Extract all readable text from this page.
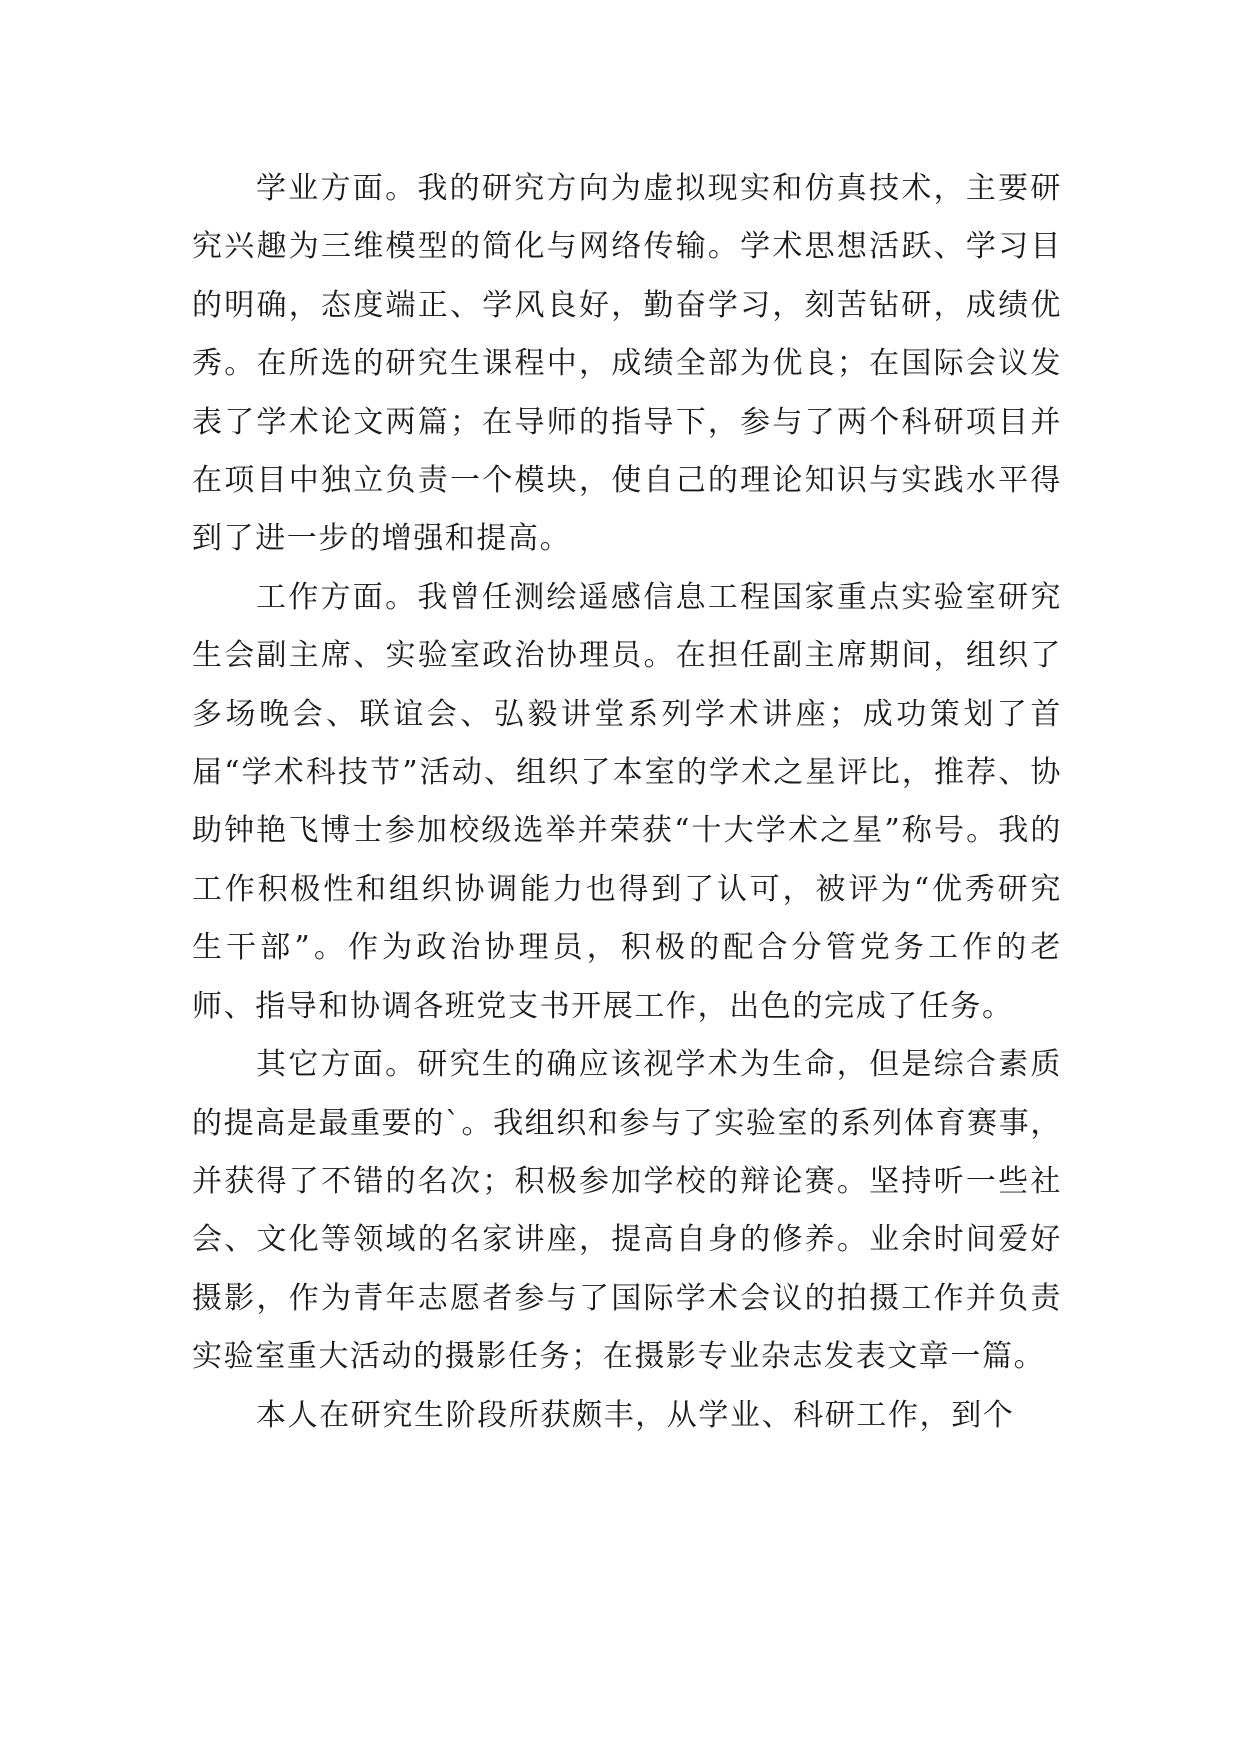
学业方面。我的研究方向为虚拟现实和仿真技术，主要研究兴趣为三维模型的简化与网络传输。学术思想活跃、学习目的明确，态度端正、学风良好，勤奋学习，刻苦钻研，成绩优秀。在所选的研究生课程中，成绩全部为优良；在国际会议发表了学术论文两篇；在导师的指导下，参与了两个科研项目并在项目中独立负责一个模块，使自己的理论知识与实践水平得到了进一步的增强和提高。

工作方面。我曾任测绘遥感信息工程国家重点实验室研究生会副主席、实验室政治协理员。在担任副主席期间，组织了多场晚会、联谊会、弘毅讲堂系列学术讲座；成功策划了首届“学术科技节”活动、组织了本室的学术之星评比，推荐、协助钟艳飞博士参加校级选举并荣获“十大学术之星”称号。我的工作积极性和组织协调能力也得到了认可，被评为“优秀研究生干部”。作为政治协理员，积极的配合分管党务工作的老师、指导和协调各班党支书开展工作，出色的完成了任务。

其它方面。研究生的确应该视学术为生命，但是综合素质的提高是最重要的`。我组织和参与了实验室的系列体育赛事，并获得了不错的名次；积极参加学校的辩论赛。坚持听一些社会、文化等领域的名家讲座，提高自身的修养。业余时间爱好摄影，作为青年志愿者参与了国际学术会议的拍摄工作并负责实验室重大活动的摄影任务；在摄影专业杂志发表文章一篇。

本人在研究生阶段所获颇丰，从学业、科研工作，到个
